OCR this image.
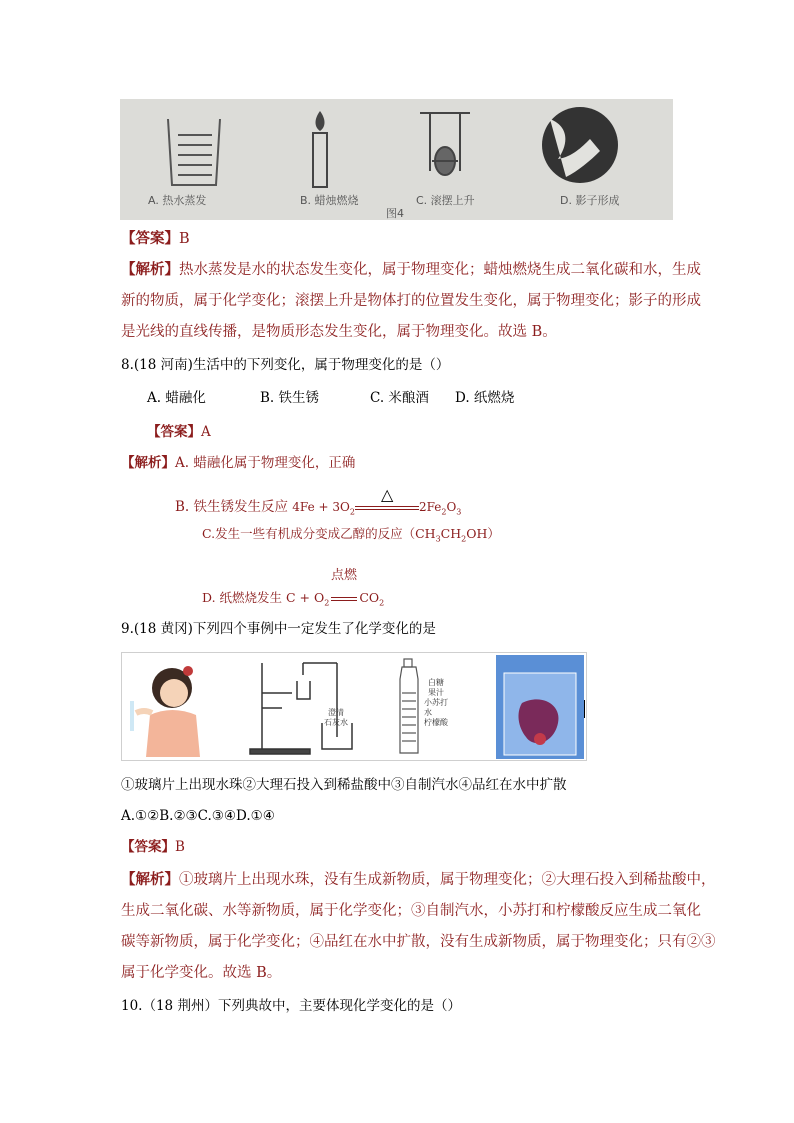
A. 热水蒸发	B. 蜡烛燃烧	C. 滚摆上升	D. 影子形成
图4
【答案】B
【解析】热水蒸发是水的状态发生变化，属于物理变化；蜡烛燃烧生成二氧化碳和水，生成
新的物质，属于化学变化；滚摆上升是物体打的位置发生变化，属于物理变化；影子的形成
是光线的直线传播，是物质形态发生变化，属于物理变化。故选 B。
8.(18 河南)生活中的下列变化，属于物理变化的是（）
A. 蜡融化	B. 铁生锈	C. 米酿酒 D. 纸燃烧
【答案】A
【解析】A. 蜡融化属于物理变化，正确
B. 铁生锈发生反应 $4Fe + 3O_2$
△
$2Fe_2O_3$
C.发生一些有机成分变成乙醇的反应$(CH_3CH_2OH)$
点燃
D. 纸燃烧发生 $C + O_2$ $CO_2$
9.(18 黄冈)下列四个事例中一定发生了化学变化的是
澄清
石灰水
白糖
果汁
小苏打
水
柠檬酸
①玻璃片上出现水珠②大理石投入到稀盐酸中③自制汽水④品红在水中扩散
A.①②B.②③C.③④D.①④
【答案】B
【解析】①玻璃片上出现水珠，没有生成新物质，属于物理变化；②大理石投入到稀盐酸中，
生成二氧化碳、水等新物质，属于化学变化；③自制汽水，小苏打和柠檬酸反应生成二氧化
碳等新物质，属于化学变化；④品红在水中扩散，没有生成新物质，属于物理变化；只有②③
属于化学变化。故选 B。
10.（18 荆州）下列典故中，主要体现化学变化的是（）
